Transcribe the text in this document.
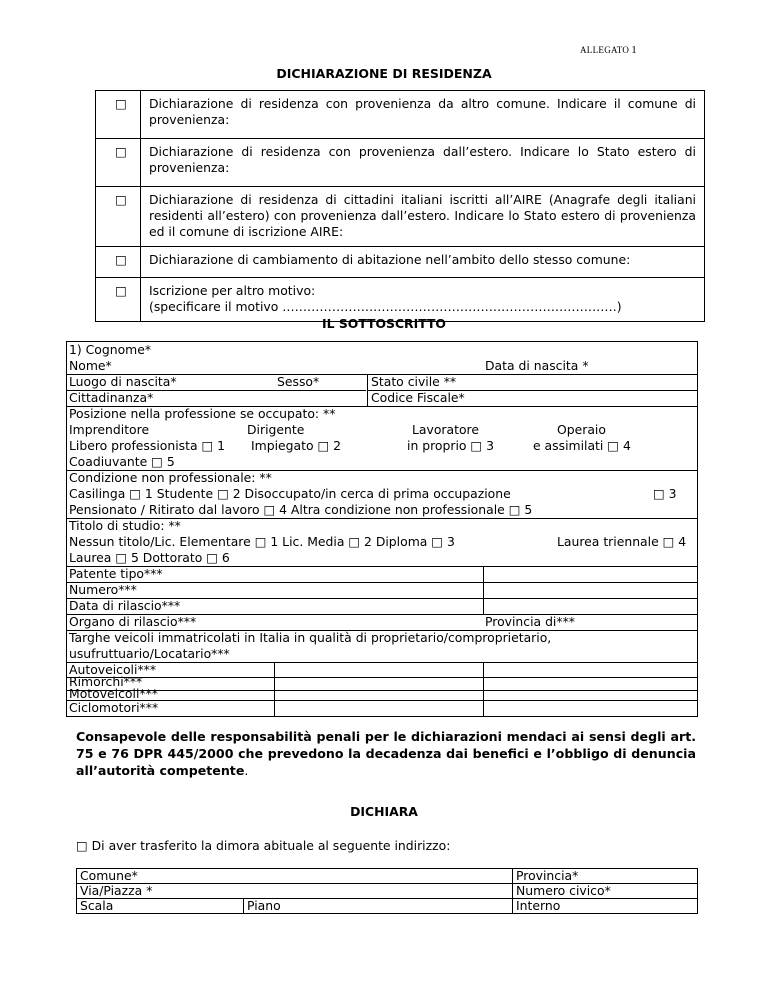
ALLEGATO 1
DICHIARAZIONE DI RESIDENZA
□	Dichiarazione di residenza con provenienza da altro comune. Indicare il comune di provenienza:
□	Dichiarazione di residenza con provenienza dall’estero. Indicare lo Stato estero di provenienza:
□	Dichiarazione di residenza di cittadini italiani iscritti all’AIRE (Anagrafe degli italiani residenti all’estero) con provenienza dall’estero. Indicare lo Stato estero di provenienza ed il comune di iscrizione AIRE:
□	Dichiarazione di cambiamento di abitazione nell’ambito dello stesso comune:
□	Iscrizione per altro motivo:
(specificare il motivo ………………………………………………………………………)
IL SOTTOSCRITTO
1) Cognome*
Nome*	Data di nascita *
Luogo di nascita*	Sesso*	Stato civile **
Cittadinanza*	Codice Fiscale*
Posizione nella professione se occupato: **
Imprenditore	Dirigente	Lavoratore	Operaio
Libero professionista □ 1 Impiegato □ 2	in proprio □ 3	e assimilati □ 4
Coadiuvante □ 5
Condizione non professionale: **
Casilinga □ 1 Studente □ 2 Disoccupato/in cerca di prima occupazione	□ 3
Pensionato / Ritirato dal lavoro □ 4 Altra condizione non professionale □ 5
Titolo di studio: **
Nessun titolo/Lic. Elementare □ 1 Lic. Media □ 2 Diploma □ 3	Laurea triennale □ 4
Laurea □ 5 Dottorato □ 6
Patente tipo***
Numero***
Data di rilascio***
Organo di rilascio***	Provincia di***
Targhe veicoli immatricolati in Italia in qualità di proprietario/comproprietario,
usufruttuario/Locatario***
Autoveicoli***
Rimorchi***
Motoveicoli***
Ciclomotori***
Consapevole delle responsabilità penali per le dichiarazioni mendaci ai sensi degli art. 75 e 76 DPR 445/2000 che prevedono la decadenza dai benefici e l’obbligo di denuncia all’autorità competente.
DICHIARA
□ Di aver trasferito la dimora abituale al seguente indirizzo:
Comune*		Provincia*
Via/Piazza *		Numero civico*
Scala	Piano	Interno
